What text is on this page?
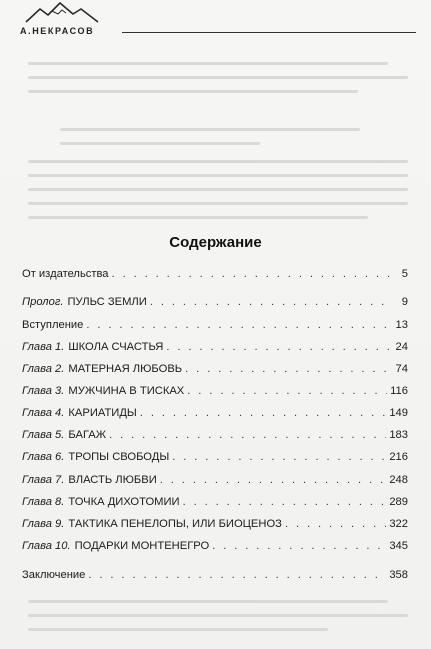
А.НЕКРАСОВ
Содержание
От издательства . . .	5
Пролог. ПУЛЬС ЗЕМЛИ . . .	9
Вступление . . .	13
Глава 1. ШКОЛА СЧАСТЬЯ . . .	24
Глава 2. МАТЕРНАЯ ЛЮБОВЬ . . .	74
Глава 3. МУЖЧИНА В ТИСКАХ . . .	116
Глава 4. КАРИАТИДЫ . . .	149
Глава 5. БАГАЖ . . .	183
Глава 6. ТРОПЫ СВОБОДЫ . . .	216
Глава 7. ВЛАСТЬ ЛЮБВИ . . .	248
Глава 8. ТОЧКА ДИХОТОМИИ . . .	289
Глава 9. ТАКТИКА ПЕНЕЛОПЫ, ИЛИ БИОЦЕНОЗ . . .	322
Глава 10. ПОДАРКИ МОНТЕНЕГРО . . .	345
Заключение . . .	358
